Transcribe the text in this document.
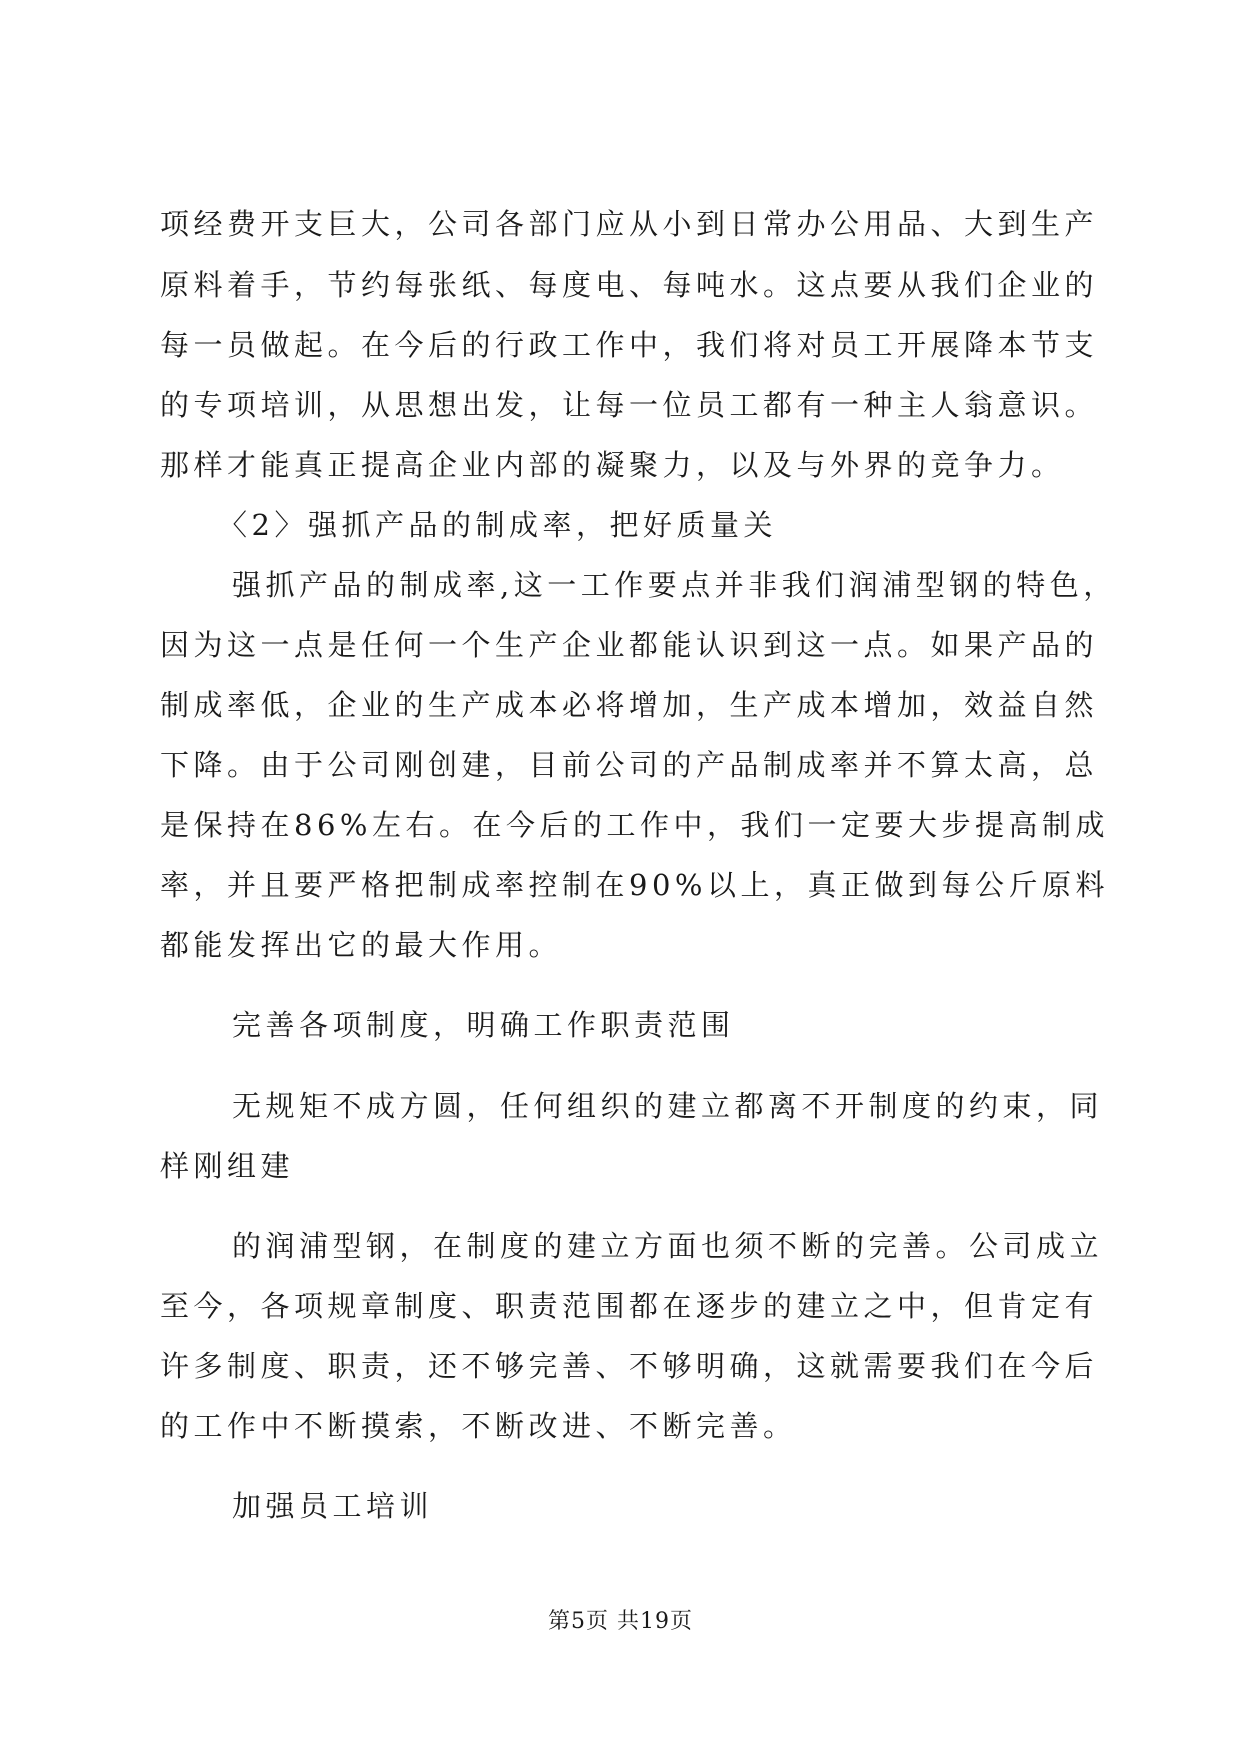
项经费开支巨大，公司各部门应从小到日常办公用品、大到生产
原料着手，节约每张纸、每度电、每吨水。这点要从我们企业的
每一员做起。在今后的行政工作中，我们将对员工开展降本节支
的专项培训，从思想出发，让每一位员工都有一种主人翁意识。
那样才能真正提高企业内部的凝聚力，以及与外界的竞争力。
〈2〉强抓产品的制成率，把好质量关
强抓产品的制成率,这一工作要点并非我们润浦型钢的特色，
因为这一点是任何一个生产企业都能认识到这一点。如果产品的
制成率低，企业的生产成本必将增加，生产成本增加，效益自然
下降。由于公司刚创建，目前公司的产品制成率并不算太高，总
是保持在86%左右。在今后的工作中，我们一定要大步提高制成
率，并且要严格把制成率控制在90%以上，真正做到每公斤原料
都能发挥出它的最大作用。
完善各项制度，明确工作职责范围
无规矩不成方圆，任何组织的建立都离不开制度的约束，同
样刚组建
的润浦型钢，在制度的建立方面也须不断的完善。公司成立
至今，各项规章制度、职责范围都在逐步的建立之中，但肯定有
许多制度、职责，还不够完善、不够明确，这就需要我们在今后
的工作中不断摸索，不断改进、不断完善。
加强员工培训
第5页 共19页
